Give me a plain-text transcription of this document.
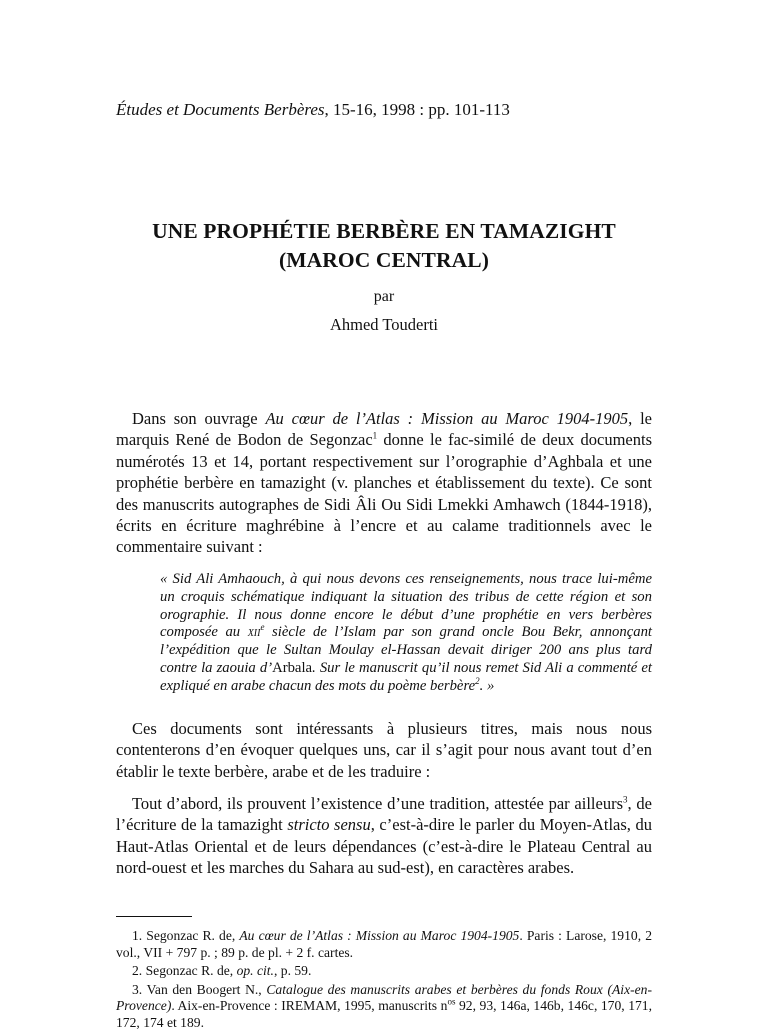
Études et Documents Berbères, 15-16, 1998 : pp. 101-113
UNE PROPHÉTIE BERBÈRE EN TAMAZIGHT
(MAROC CENTRAL)
par
Ahmed Touderti

Dans son ouvrage Au cœur de l’Atlas : Mission au Maroc 1904-1905, le marquis René de Bodon de Segonzac$^1$ donne le fac-similé de deux documents numérotés 13 et 14, portant respectivement sur l’orographie d’Aghbala et une prophétie berbère en tamazight (v. planches et établissement du texte). Ce sont des manuscrits autographes de Sidi Âli Ou Sidi Lmekki Amhawch (1844-1918), écrits en écriture maghrébine à l’encre et au calame traditionnels avec le commentaire suivant :

« Sid Ali Amhaouch, à qui nous devons ces renseignements, nous trace lui-même un croquis schématique indiquant la situation des tribus de cette région et son orographie. Il nous donne encore le début d’une prophétie en vers berbères composée au xii$^e$ siècle de l’Islam par son grand oncle Bou Bekr, annonçant l’expédition que le Sultan Moulay el-Hassan devait diriger 200 ans plus tard contre la zaouia d’Arbala. Sur le manuscrit qu’il nous remet Sid Ali a commenté et expliqué en arabe chacun des mots du poème berbère$^2$. »

Ces documents sont intéressants à plusieurs titres, mais nous nous contenterons d’en évoquer quelques uns, car il s’agit pour nous avant tout d’en établir le texte berbère, arabe et de les traduire :

Tout d’abord, ils prouvent l’existence d’une tradition, attestée par ailleurs$^3$, de l’écriture de la tamazight stricto sensu, c’est-à-dire le parler du Moyen-Atlas, du Haut-Atlas Oriental et de leurs dépendances (c’est-à-dire le Plateau Central au nord-ouest et les marches du Sahara au sud-est), en caractères arabes.

1. Segonzac R. de, Au cœur de l’Atlas : Mission au Maroc 1904-1905. Paris : Larose, 1910, 2 vol., VII + 797 p. ; 89 p. de pl. + 2 f. cartes.

2. Segonzac R. de, op. cit., p. 59.

3. Van den Boogert N., Catalogue des manuscrits arabes et berbères du fonds Roux (Aix-en-Provence). Aix-en-Provence : IREMAM, 1995, manuscrits $n^{os}$ 92, 93, 146a, 146b, 146c, 170, 171, 172, 174 et 189.
